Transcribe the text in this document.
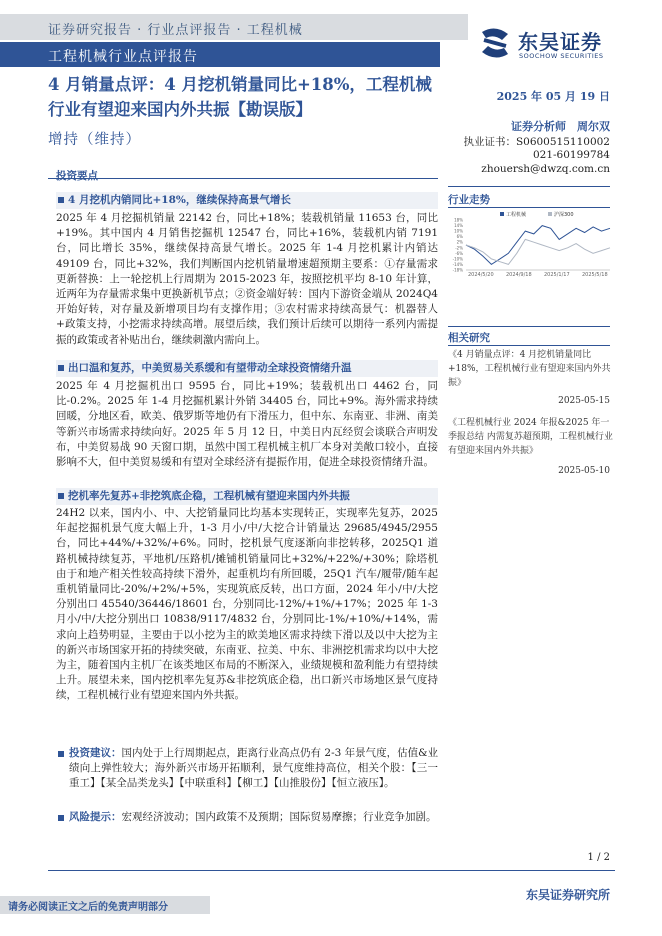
证券研究报告 · 行业点评报告 · 工程机械
工程机械行业点评报告
东吴证券
SOOCHOW SECURITIES
4 月销量点评：4 月挖机销量同比+18%，工程机械行业有望迎来国内外共振【勘误版】
增持（维持）
2025 年 05 月 19 日
证券分析师　周尔双
执业证书：S0600515110002
021-60199784
zhouersh@dwzq.com.cn
投资要点
4 月挖机内销同比+18%，继续保持高景气增长
2025 年 4 月挖掘机销量 22142 台，同比+18%；装载机销量 11653 台，同比+19%。其中国内 4 月销售挖掘机 12547 台，同比+16%，装载机内销 7191 台，同比增长 35%，继续保持高景气增长。2025 年 1-4 月挖机累计内销达 49109 台，同比+32%，我们判断国内挖机销量增速超预期主要系：①存量需求更新替换：上一轮挖机上行周期为 2015-2023 年，按照挖机平均 8-10 年计算，近两年为存量需求集中更换新机节点；②资金端好转：国内下游资金端从 2024Q4 开始好转，对存量及新增项目均有支撑作用；③农村需求持续高景气：机器替人+政策支持，小挖需求持续高增。展望后续，我们预计后续可以期待一系列内需提振的政策或者补贴出台，继续刺激内需向上。
出口温和复苏，中美贸易关系缓和有望带动全球投资情绪升温
2025 年 4 月挖掘机出口 9595 台，同比+19%；装载机出口 4462 台，同比-0.2%。2025 年 1-4 月挖掘机累计外销 34405 台，同比+9%。海外需求持续回暖，分地区看，欧美、俄罗斯等地仍有下滑压力，但中东、东南亚、非洲、南美等新兴市场需求持续向好。2025 年 5 月 12 日，中美日内瓦经贸会谈联合声明发布，中美贸易战 90 天窗口期，虽然中国工程机械主机厂本身对美敞口较小，直接影响不大，但中美贸易缓和有望对全球经济有提振作用，促进全球投资情绪升温。
挖机率先复苏+非挖筑底企稳，工程机械有望迎来国内外共振
24H2 以来，国内小、中、大挖销量同比均基本实现转正，实现率先复苏，2025 年起挖掘机景气度大幅上升，1-3 月小/中/大挖合计销量达 29685/4945/2955 台，同比+44%/+32%/+6%。同时，挖机景气度逐渐向非挖转移，2025Q1 道路机械持续复苏，平地机/压路机/摊铺机销量同比+32%/+22%/+30%；除塔机由于和地产相关性较高持续下滑外，起重机均有所回暖，25Q1 汽车/履带/随车起重机销量同比-20%/+2%/+5%，实现筑底反转，出口方面，2024 年小/中/大挖分别出口 45540/36446/18601 台，分别同比-12%/+1%/+17%；2025 年 1-3 月小/中/大挖分别出口 10838/9117/4832 台，分别同比-1%/+10%/+14%，需求向上趋势明显，主要由于以小挖为主的欧美地区需求持续下滑以及以中大挖为主的新兴市场国家开拓的持续突破，东南亚、拉美、中东、非洲挖机需求均以中大挖为主，随着国内主机厂在该类地区布局的不断深入，业绩规模和盈利能力有望持续上升。展望未来，国内挖机率先复苏&非挖筑底企稳，出口新兴市场地区景气度持续，工程机械行业有望迎来国内外共振。
投资建议：国内处于上行周期起点，距离行业高点仍有 2-3 年景气度，估值&业绩向上弹性较大；海外新兴市场开拓顺利，景气度维持高位，相关个股：【三一重工】【某全品类龙头】【中联重科】【柳工】【山推股份】【恒立液压】。
风险提示：宏观经济波动；国内政策不及预期；国际贸易摩擦；行业竞争加剧。
行业走势
18%
14%
10%
6%
2%
-2%
-6%
-10%
-14%
-18%
工程机械	沪深300
2024/5/20 2024/9/18 2025/1/17 2025/5/18
相关研究
《4 月销量点评：4 月挖机销量同比+18%，工程机械行业有望迎来国内外共振》
2025-05-15
《工程机械行业 2024 年报&2025 年一季报总结 内需复苏超预期，工程机械行业有望迎来国内外共振》
2025-05-10
1 / 2
东吴证券研究所
请务必阅读正文之后的免责声明部分
